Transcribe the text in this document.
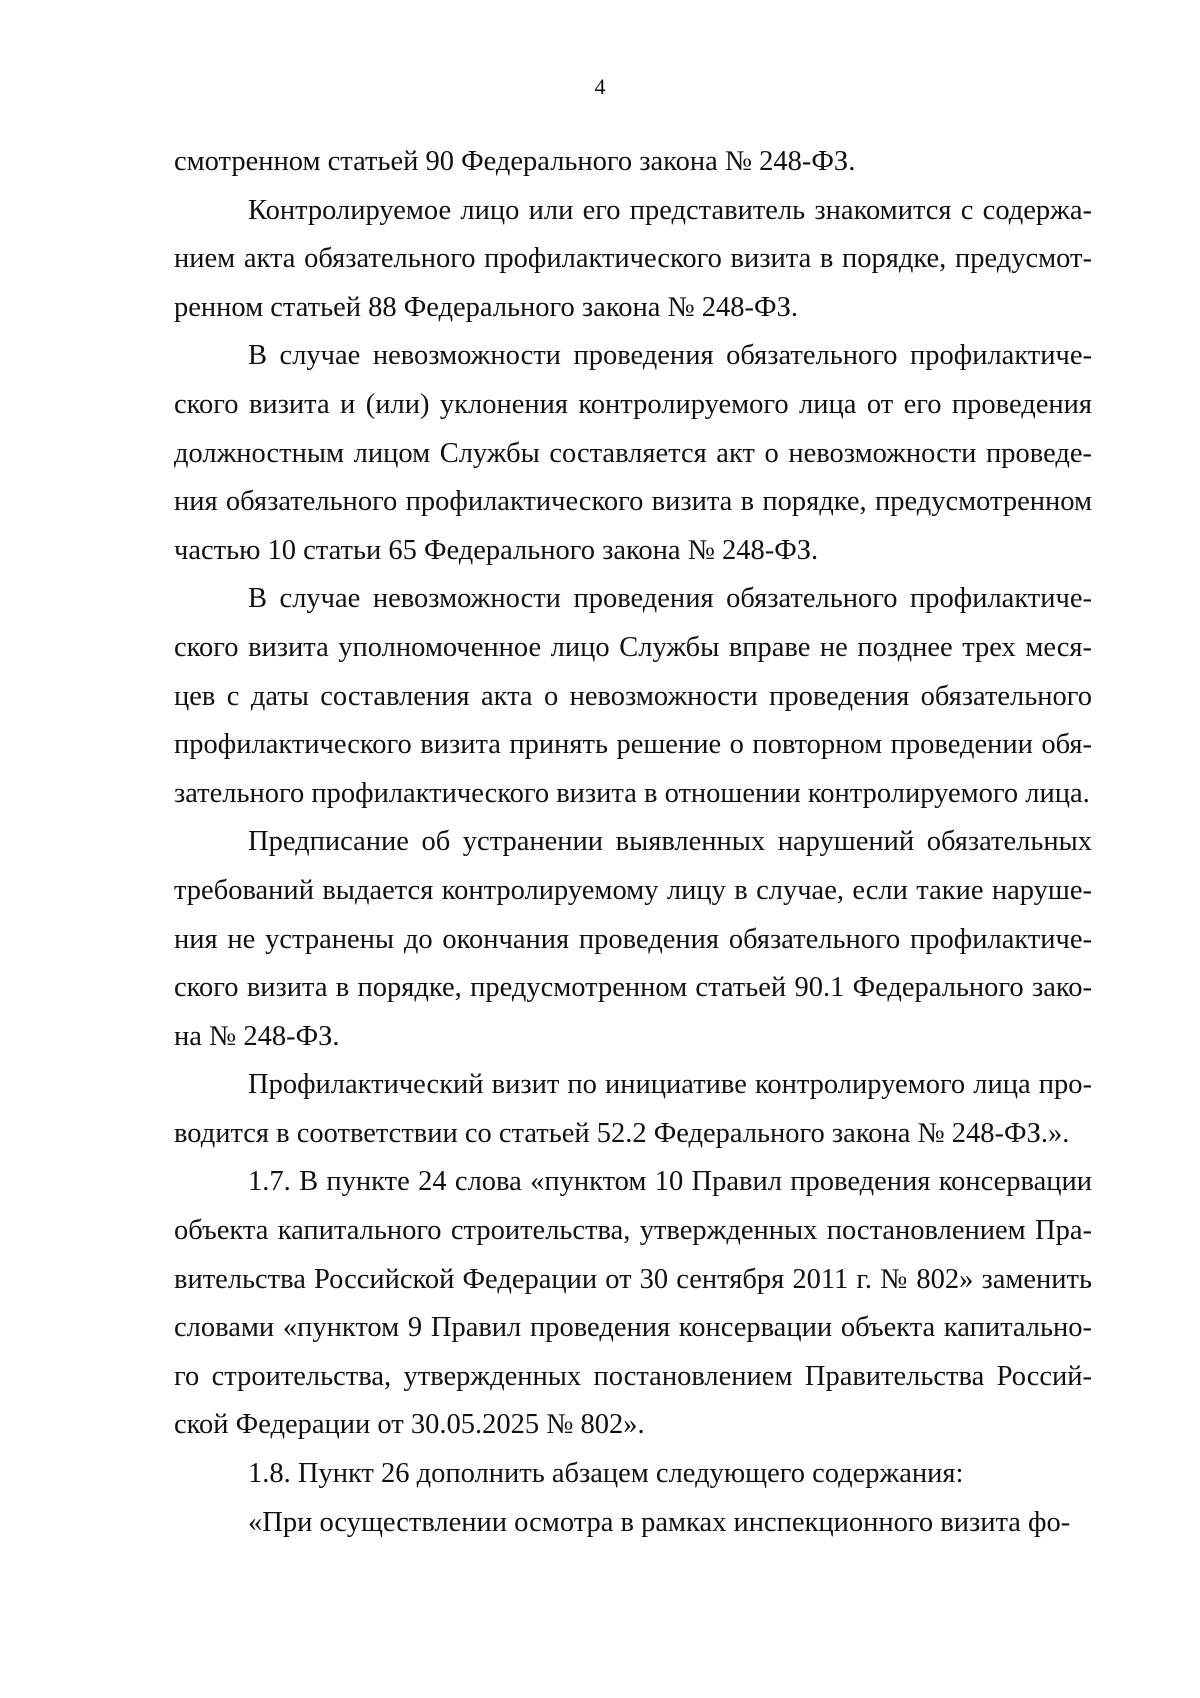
4
смотренном статьей 90 Федерального закона № 248-ФЗ.
Контролируемое лицо или его представитель знакомится с содержа-
нием акта обязательного профилактического визита в порядке, предусмот-
ренном статьей 88 Федерального закона № 248-ФЗ.
В случае невозможности проведения обязательного профилактиче-
ского визита и (или) уклонения контролируемого лица от его проведения
должностным лицом Службы составляется акт о невозможности проведе-
ния обязательного профилактического визита в порядке, предусмотренном
частью 10 статьи 65 Федерального закона № 248-ФЗ.
В случае невозможности проведения обязательного профилактиче-
ского визита уполномоченное лицо Службы вправе не позднее трех меся-
цев с даты составления акта о невозможности проведения обязательного
профилактического визита принять решение о повторном проведении обя-
зательного профилактического визита в отношении контролируемого лица.
Предписание об устранении выявленных нарушений обязательных
требований выдается контролируемому лицу в случае, если такие наруше-
ния не устранены до окончания проведения обязательного профилактиче-
ского визита в порядке, предусмотренном статьей 90.1 Федерального зако-
на № 248-ФЗ.
Профилактический визит по инициативе контролируемого лица про-
водится в соответствии со статьей 52.2 Федерального закона № 248-ФЗ.».
1.7. В пункте 24 слова «пунктом 10 Правил проведения консервации
объекта капитального строительства, утвержденных постановлением Пра-
вительства Российской Федерации от 30 сентября 2011 г. № 802» заменить
словами «пунктом 9 Правил проведения консервации объекта капитально-
го строительства, утвержденных постановлением Правительства Россий-
ской Федерации от 30.05.2025 № 802».
1.8. Пункт 26 дополнить абзацем следующего содержания:
«При осуществлении осмотра в рамках инспекционного визита фо-
